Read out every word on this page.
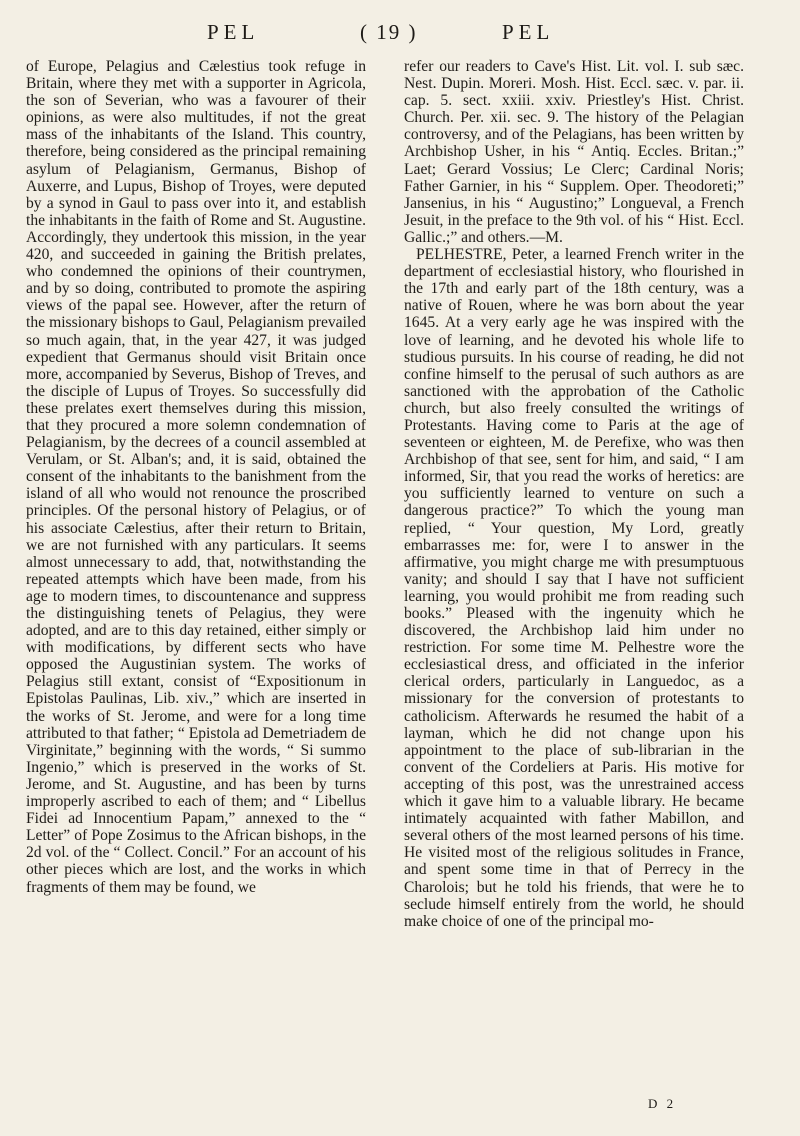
PEL	( 19 )	PEL

of Europe, Pelagius and Cælestius took refuge in Britain, where they met with a supporter in Agricola, the son of Severian, who was a favourer of their opinions, as were also multitudes, if not the great mass of the inhabitants of the Island. This country, therefore, being considered as the principal remaining asylum of Pelagianism, Germanus, Bishop of Auxerre, and Lupus, Bishop of Troyes, were deputed by a synod in Gaul to pass over into it, and establish the inhabitants in the faith of Rome and St. Augustine. Accordingly, they undertook this mission, in the year 420, and succeeded in gaining the British prelates, who condemned the opinions of their countrymen, and by so doing, contributed to promote the aspiring views of the papal see. However, after the return of the missionary bishops to Gaul, Pelagianism prevailed so much again, that, in the year 427, it was judged expedient that Germanus should visit Britain once more, accompanied by Severus, Bishop of Treves, and the disciple of Lupus of Troyes. So successfully did these prelates exert themselves during this mission, that they procured a more solemn condemnation of Pelagianism, by the decrees of a council assembled at Verulam, or St. Alban's; and, it is said, obtained the consent of the inhabitants to the banishment from the island of all who would not renounce the proscribed principles. Of the personal history of Pelagius, or of his associate Cælestius, after their return to Britain, we are not furnished with any particulars. It seems almost unnecessary to add, that, notwithstanding the repeated attempts which have been made, from his age to modern times, to discountenance and suppress the distinguishing tenets of Pelagius, they were adopted, and are to this day retained, either simply or with modifications, by different sects who have opposed the Augustinian system. The works of Pelagius still extant, consist of “Expositionum in Epistolas Paulinas, Lib. xiv.,” which are inserted in the works of St. Jerome, and were for a long time attributed to that father; “ Epistola ad Demetriadem de Virginitate,” beginning with the words, “ Si summo Ingenio,” which is preserved in the works of St. Jerome, and St. Augustine, and has been by turns improperly ascribed to each of them; and “ Libellus Fidei ad Innocentium Papam,” annexed to the “ Letter” of Pope Zosimus to the African bishops, in the 2d vol. of the “ Collect. Concil.” For an account of his other pieces which are lost, and the works in which fragments of them may be found, we

refer our readers to Cave's Hist. Lit. vol. I. sub sæc. Nest. Dupin. Moreri. Mosh. Hist. Eccl. sæc. v. par. ii. cap. 5. sect. xxiii. xxiv. Priestley's Hist. Christ. Church. Per. xii. sec. 9. The history of the Pelagian controversy, and of the Pelagians, has been written by Archbishop Usher, in his “ Antiq. Eccles. Britan.;” Laet; Gerard Vossius; Le Clerc; Cardinal Noris; Father Garnier, in his “ Supplem. Oper. Theodoreti;” Jansenius, in his “ Augustino;” Longueval, a French Jesuit, in the preface to the 9th vol. of his “ Hist. Eccl. Gallic.;” and others.—M.

PELHESTRE, Peter, a learned French writer in the department of ecclesiastial history, who flourished in the 17th and early part of the 18th century, was a native of Rouen, where he was born about the year 1645. At a very early age he was inspired with the love of learning, and he devoted his whole life to studious pursuits. In his course of reading, he did not confine himself to the perusal of such authors as are sanctioned with the approbation of the Catholic church, but also freely consulted the writings of Protestants. Having come to Paris at the age of seventeen or eighteen, M. de Perefixe, who was then Archbishop of that see, sent for him, and said, “ I am informed, Sir, that you read the works of heretics: are you sufficiently learned to venture on such a dangerous practice?” To which the young man replied, “ Your question, My Lord, greatly embarrasses me: for, were I to answer in the affirmative, you might charge me with presumptuous vanity; and should I say that I have not sufficient learning, you would prohibit me from reading such books.” Pleased with the ingenuity which he discovered, the Archbishop laid him under no restriction. For some time M. Pelhestre wore the ecclesiastical dress, and officiated in the inferior clerical orders, particularly in Languedoc, as a missionary for the conversion of protestants to catholicism. Afterwards he resumed the habit of a layman, which he did not change upon his appointment to the place of sub-librarian in the convent of the Cordeliers at Paris. His motive for accepting of this post, was the unrestrained access which it gave him to a valuable library. He became intimately acquainted with father Mabillon, and several others of the most learned persons of his time. He visited most of the religious solitudes in France, and spent some time in that of Perrecy in the Charolois; but he told his friends, that were he to seclude himself entirely from the world, he should make choice of one of the principal mo-

D 2
